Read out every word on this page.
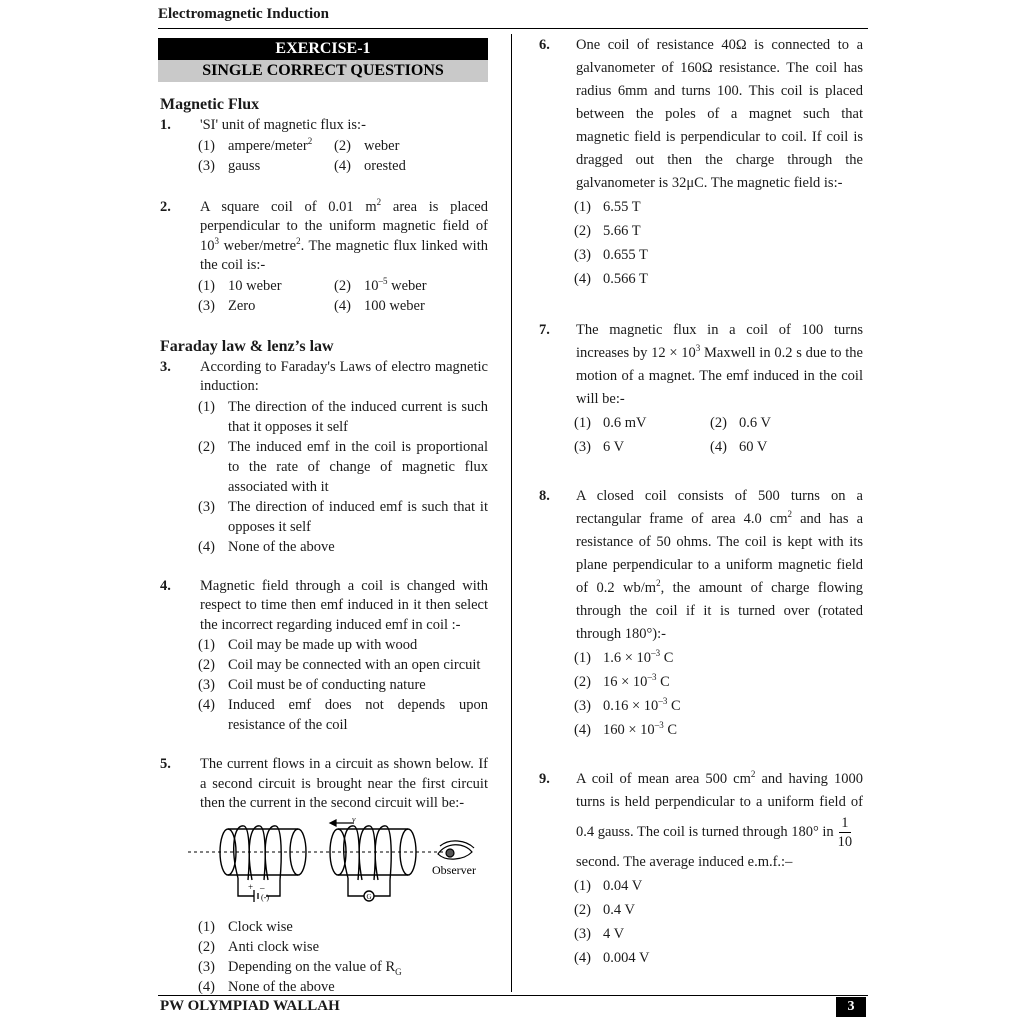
Electromagnetic Induction
EXERCISE-1
SINGLE CORRECT QUESTIONS
Magnetic Flux
1.	'SI' unit of magnetic flux is:-
(1) ampere/meter$^2$ (2) weber
(3) gauss	(4) orested
2.	A square coil of 0.01 $m^2$ area is placed perpendicular to the uniform magnetic field of $10^3$ weber/metre$^2$. The magnetic flux linked with the coil is:-
(1) 10 weber	(2) $10^{-5}$ weber
(3) Zero	(4) 100 weber
Faraday law & lenz’s law
3.	According to Faraday's Laws of electro magnetic induction:
(1) The direction of the induced current is such that it opposes it self
(2) The induced emf in the coil is proportional to the rate of change of magnetic flux associated with it
(3) The direction of induced emf is such that it opposes it self
(4) None of the above
4.	Magnetic field through a coil is changed with respect to time then emf induced in it then select the incorrect regarding induced emf in coil :-
(1) Coil may be made up with wood
(2) Coil may be connected with an open circuit
(3) Coil must be of conducting nature
(4) Induced emf does not depends upon resistance of the coil
5.	The current flows in a circuit as shown below. If a second circuit is brought near the first circuit then the current in the second circuit will be:-
+ –
(-)	G
v
Observer
(1) Clock wise
(2) Anti clock wise
(3) Depending on the value of $R_G$
(4) None of the above
6.	One coil of resistance 40Ω is connected to a galvanometer of 160Ω resistance. The coil has radius 6mm and turns 100. This coil is placed between the poles of a magnet such that magnetic field is perpendicular to coil. If coil is dragged out then the charge through the galvanometer is 32μC. The magnetic field is:-
(1) 6.55 T
(2) 5.66 T
(3) 0.655 T
(4) 0.566 T
7.	The magnetic flux in a coil of 100 turns increases by $12 \times 10^3$ Maxwell in 0.2 s due to the motion of a magnet. The emf induced in the coil will be:-
(1) 0.6 mV	(2) 0.6 V
(3) 6 V	(4) 60 V
8.	A closed coil consists of 500 turns on a rectangular frame of area 4.0 $cm^2$ and has a resistance of 50 ohms. The coil is kept with its plane perpendicular to a uniform magnetic field of 0.2 $wb/m^2$, the amount of charge flowing through the coil if it is turned over (rotated through 180°):-
(1) $1.6 \times 10^{-3}$ C
(2) $16 \times 10^{-3}$ C
(3) $0.16 \times 10^{-3}$ C
(4) $160 \times 10^{-3}$ C
9.	A coil of mean area 500 $cm^2$ and having 1000 turns is held perpendicular to a uniform field of 0.4 gauss. The coil is turned through 180° in $\frac{1}{10}$

second. The average induced e.m.f.:–
(1) 0.04 V
(2) 0.4 V
(3) 4 V
(4) 0.004 V
PW OLYMPIAD WALLAH	3
